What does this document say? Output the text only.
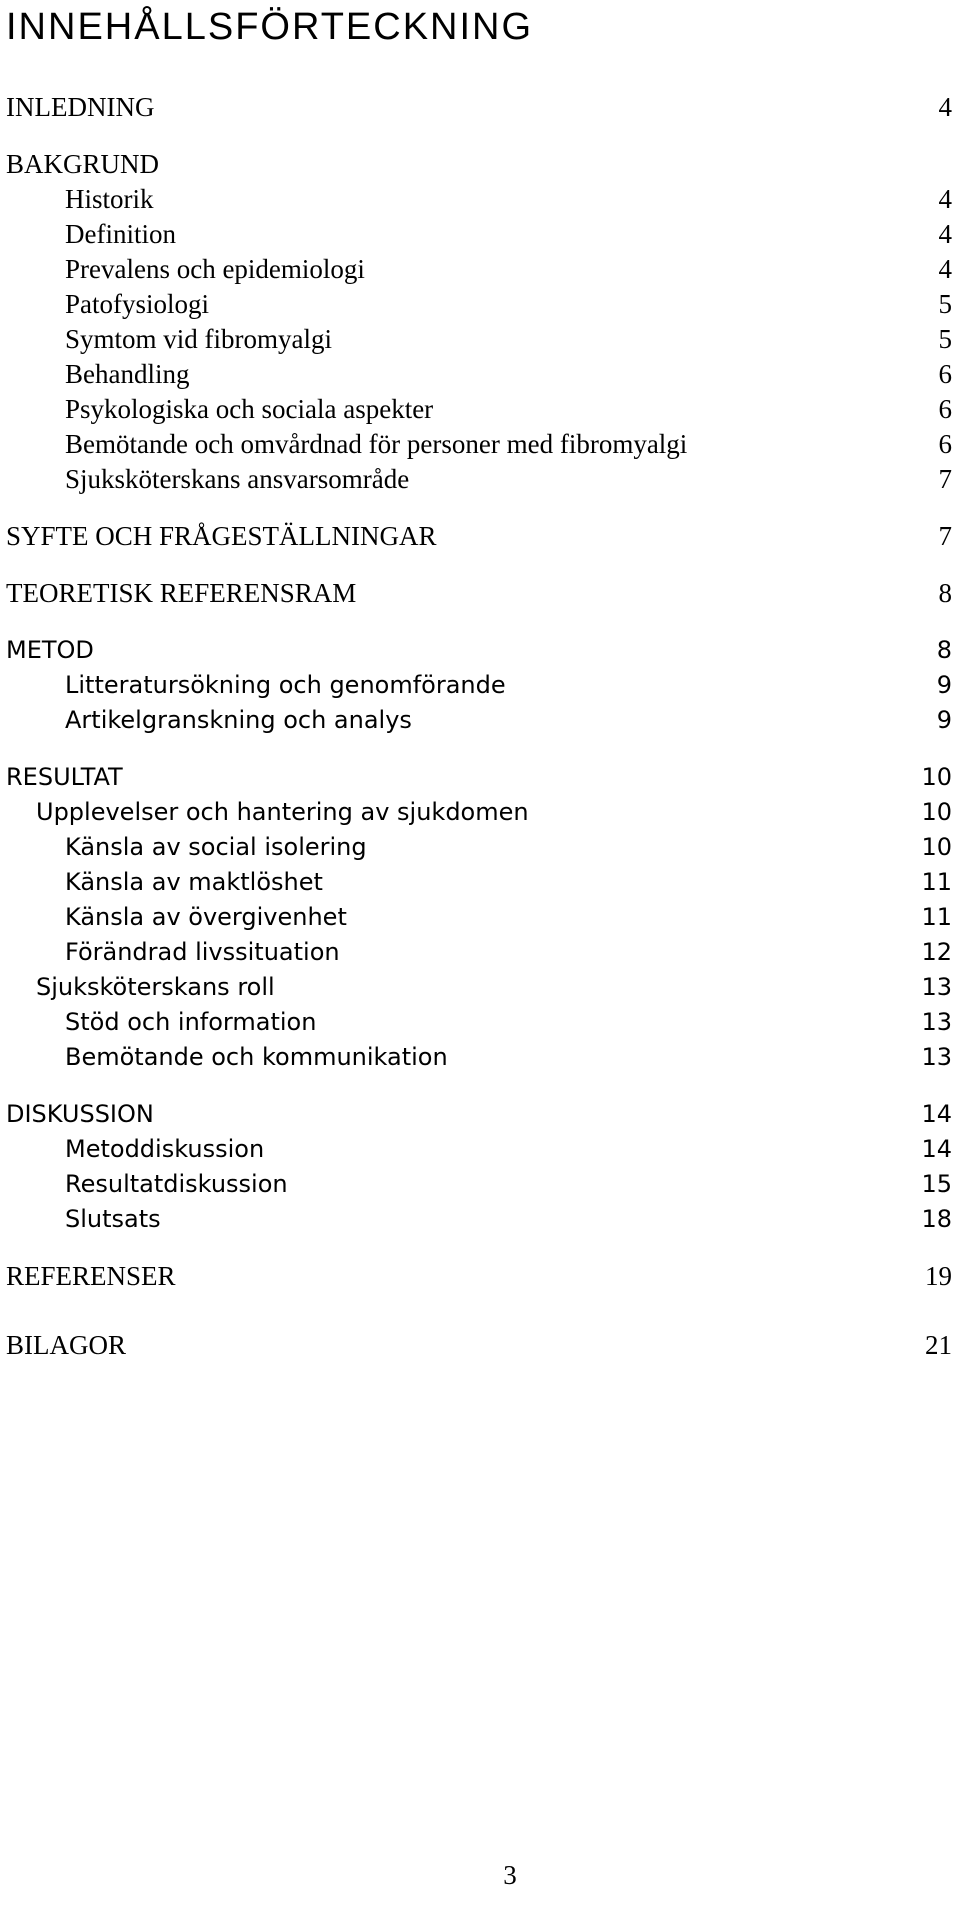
INNEHÅLLSFÖRTECKNING
INLEDNING	4
BAKGRUND
Historik	4
Definition	4
Prevalens och epidemiologi	4
Patofysiologi	5
Symtom vid fibromyalgi	5
Behandling	6
Psykologiska och sociala aspekter	6
Bemötande och omvårdnad för personer med fibromyalgi	6
Sjuksköterskans ansvarsområde	7
SYFTE OCH FRÅGESTÄLLNINGAR	7
TEORETISK REFERENSRAM	8
METOD	8
Litteratursökning och genomförande	9
Artikelgranskning och analys	9
RESULTAT	10
Upplevelser och hantering av sjukdomen	10
Känsla av social isolering	10
Känsla av maktlöshet	11
Känsla av övergivenhet	11
Förändrad livssituation	12
Sjuksköterskans roll	13
Stöd och information	13
Bemötande och kommunikation	13
DISKUSSION	14
Metoddiskussion	14
Resultatdiskussion	15
Slutsats	18
REFERENSER	19
BILAGOR	21
3
